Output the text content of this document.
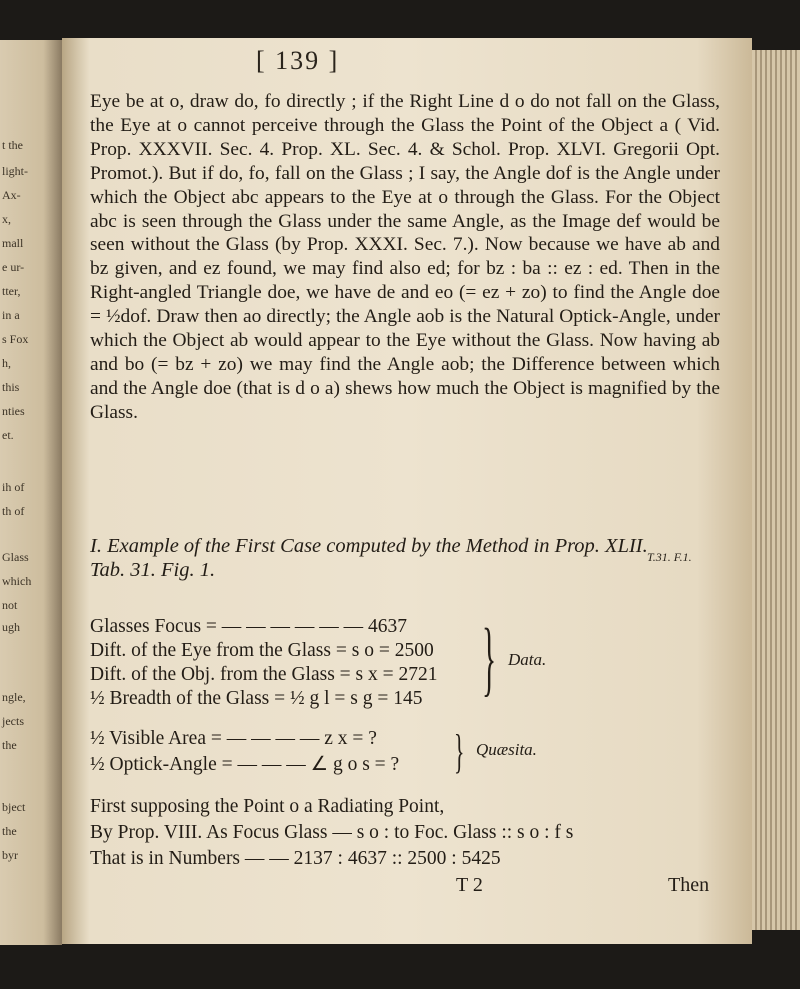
t the
light-
Ax-
x,
mall
e ur-
tter,
in a
s Fox
h,
this
nties
et.
ih of
th of
Glass
which
not
ugh
ngle,
jects
the
bject
the
byr
[ 139 ]

Eye be at o, draw do, fo directly ; if the Right Line d o do not fall on the Glass, the Eye at o cannot perceive through the Glass the Point of the Object a ( Vid. Prop. XXXVII. Sec. 4. Prop. XL. Sec. 4. & Schol. Prop. XLVI. Gregorii Opt. Promot.). But if do, fo, fall on the Glass ; I say, the Angle dof is the Angle under which the Object abc appears to the Eye at o through the Glass. For the Object abc is seen through the Glass under the same Angle, as the Image def would be seen without the Glass (by Prop. XXXI. Sec. 7.). Now because we have ab and bz given, and ez found, we may find also ed; for bz : ba :: ez : ed. Then in the Right-angled Triangle doe, we have de and eo (= ez + zo) to find the Angle doe = ½dof. Draw then ao directly; the Angle aob is the Natural Optick-Angle, under which the Object ab would appear to the Eye without the Glass. Now having ab and bo (= bz + zo) we may find the Angle aob; the Difference between which and the Angle doe (that is d o a) shews how much the Object is magnified by the Glass.

I. Example of the First Case computed by the Method in Prop. XLII. Tab. 31. Fig. 1.
Glasses Focus = — — — — — — 4637
Dift. of the Eye from the Glass = s o = 2500
Dift. of the Obj. from the Glass = s x = 2721
½ Breadth of the Glass = ½ g l = s g = 145 } Data.
½ Visible Area = — — — — z x = ?
½ Optick-Angle = — — — ∠ g o s = ? } Quæsita.
First supposing the Point o a Radiating Point,
By Prop. VIII. As Focus Glass — s o : to Foc. Glass :: s o : f s
That is in Numbers — — 2137 : 4637 :: 2500 : 5425
T 2	Then
T.31. F.1.
